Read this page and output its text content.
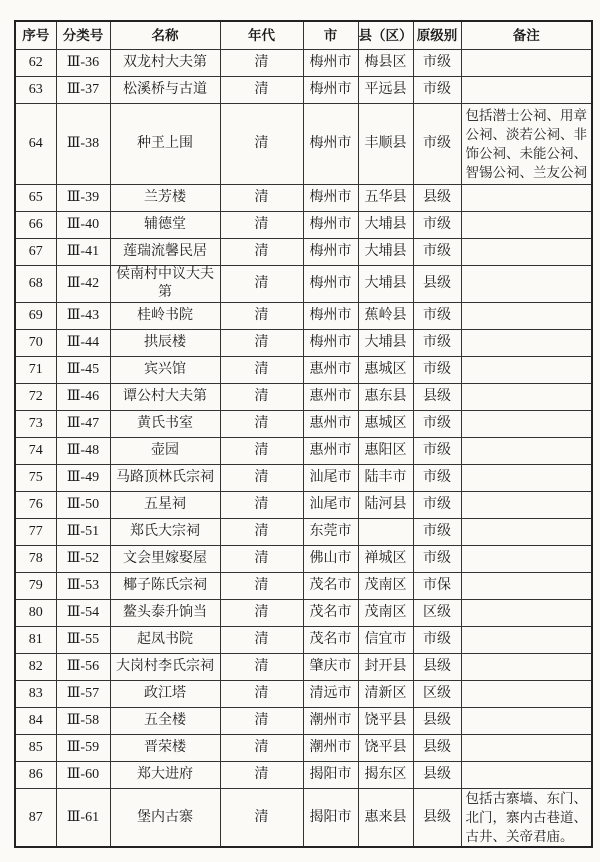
序号	分类号	名称	年代	市	县（区）	原级别	备注
62	Ⅲ-36	双龙村大夫第	清	梅州市	梅县区	市级	
63	Ⅲ-37	松溪桥与古道	清	梅州市	平远县	市级	
64	Ⅲ-38	种玊上围	清	梅州市	丰顺县	市级	包括潜士公祠、用章公祠、淡若公祠、非饰公祠、未能公祠、智锡公祠、兰友公祠
65	Ⅲ-39	兰芳楼	清	梅州市	五华县	县级	
66	Ⅲ-40	辅德堂	清	梅州市	大埔县	市级	
67	Ⅲ-41	莲瑞流馨民居	清	梅州市	大埔县	市级	
68	Ⅲ-42	侯南村中议大夫第	清	梅州市	大埔县	县级	
69	Ⅲ-43	桂岭书院	清	梅州市	蕉岭县	市级	
70	Ⅲ-44	拱辰楼	清	梅州市	大埔县	市级	
71	Ⅲ-45	宾兴馆	清	惠州市	惠城区	市级	
72	Ⅲ-46	谭公村大夫第	清	惠州市	惠东县	县级	
73	Ⅲ-47	黄氏书室	清	惠州市	惠城区	市级	
74	Ⅲ-48	壶园	清	惠州市	惠阳区	市级	
75	Ⅲ-49	马路顶林氏宗祠	清	汕尾市	陆丰市	市级	
76	Ⅲ-50	五星祠	清	汕尾市	陆河县	市级	
77	Ⅲ-51	郑氏大宗祠	清	东莞市		市级	
78	Ⅲ-52	文会里嫁娶屋	清	佛山市	禅城区	市级	
79	Ⅲ-53	椰子陈氏宗祠	清	茂名市	茂南区	市保	
80	Ⅲ-54	鳌头泰升饷当	清	茂名市	茂南区	区级	
81	Ⅲ-55	起凤书院	清	茂名市	信宜市	市级	
82	Ⅲ-56	大岗村李氏宗祠	清	肇庆市	封开县	县级	
83	Ⅲ-57	政江塔	清	清远市	清新区	区级	
84	Ⅲ-58	五全楼	清	潮州市	饶平县	县级	
85	Ⅲ-59	晋荣楼	清	潮州市	饶平县	县级	
86	Ⅲ-60	郑大进府	清	揭阳市	揭东区	县级	
87	Ⅲ-61	堡内古寨	清	揭阳市	惠来县	县级	包括古寨墙、东门、北门，寨内古巷道、古井、关帝君庙。
